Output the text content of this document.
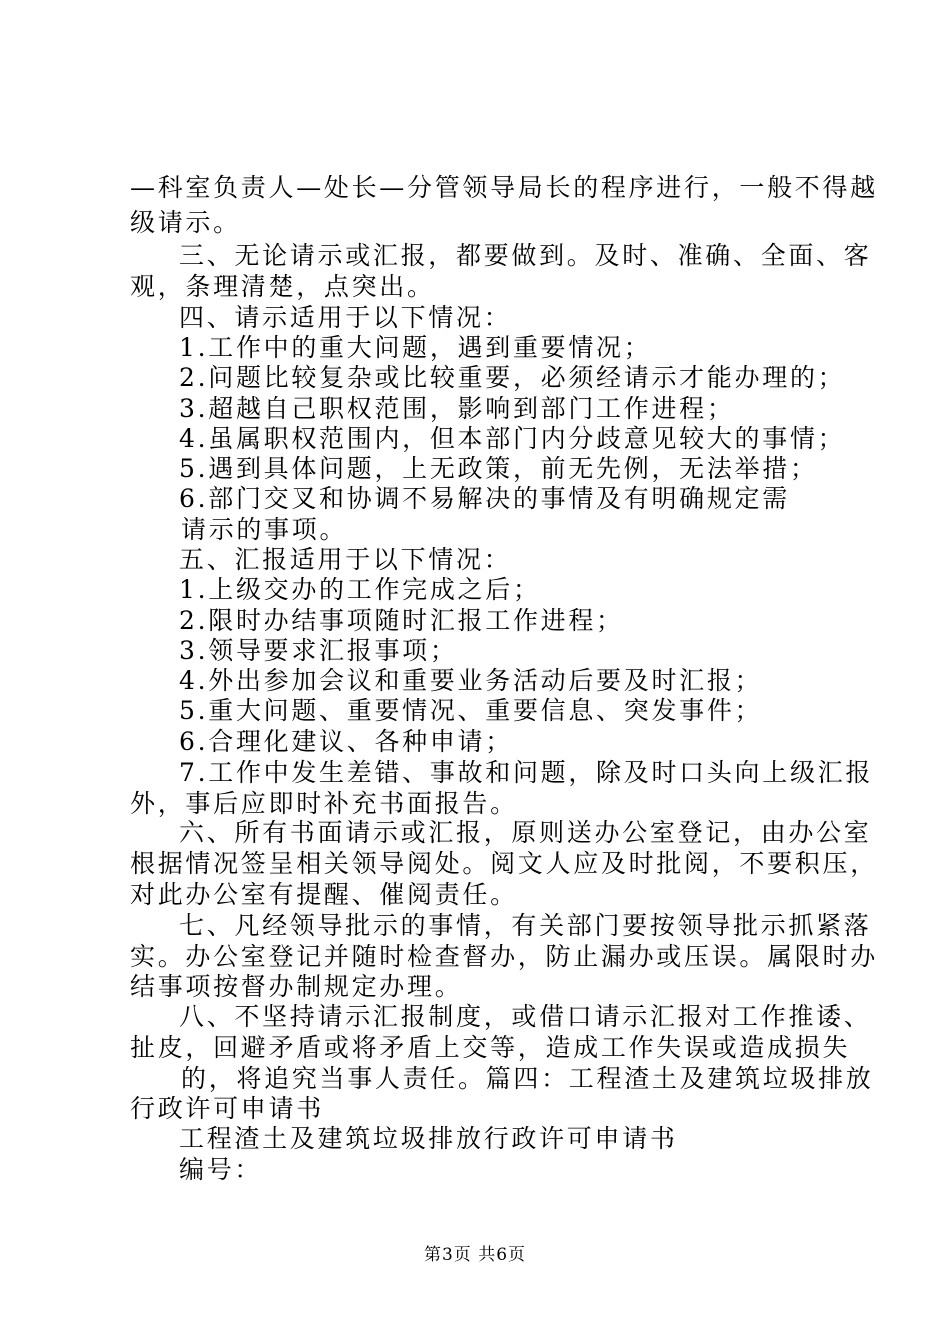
—科室负责人—处长—分管领导局长的程序进行，一般不得越
级请示。
三、无论请示或汇报，都要做到。及时、准确、全面、客
观，条理清楚，点突出。
四、请示适用于以下情况：
1.工作中的重大问题，遇到重要情况；
2.问题比较复杂或比较重要，必须经请示才能办理的；
3.超越自己职权范围，影响到部门工作进程；
4.虽属职权范围内，但本部门内分歧意见较大的事情；
5.遇到具体问题，上无政策，前无先例，无法举措；
6.部门交叉和协调不易解决的事情及有明确规定需
请示的事项。
五、汇报适用于以下情况：
1.上级交办的工作完成之后；
2.限时办结事项随时汇报工作进程；
3.领导要求汇报事项；
4.外出参加会议和重要业务活动后要及时汇报；
5.重大问题、重要情况、重要信息、突发事件；
6.合理化建议、各种申请；
7.工作中发生差错、事故和问题，除及时口头向上级汇报
外，事后应即时补充书面报告。
六、所有书面请示或汇报，原则送办公室登记，由办公室
根据情况签呈相关领导阅处。阅文人应及时批阅，不要积压，
对此办公室有提醒、催阅责任。
七、凡经领导批示的事情，有关部门要按领导批示抓紧落
实。办公室登记并随时检查督办，防止漏办或压误。属限时办
结事项按督办制规定办理。
八、不坚持请示汇报制度，或借口请示汇报对工作推诿、
扯皮，回避矛盾或将矛盾上交等，造成工作失误或造成损失
的，将追究当事人责任。篇四：工程渣土及建筑垃圾排放
行政许可申请书
工程渣土及建筑垃圾排放行政许可申请书
编号：
第3页 共6页
